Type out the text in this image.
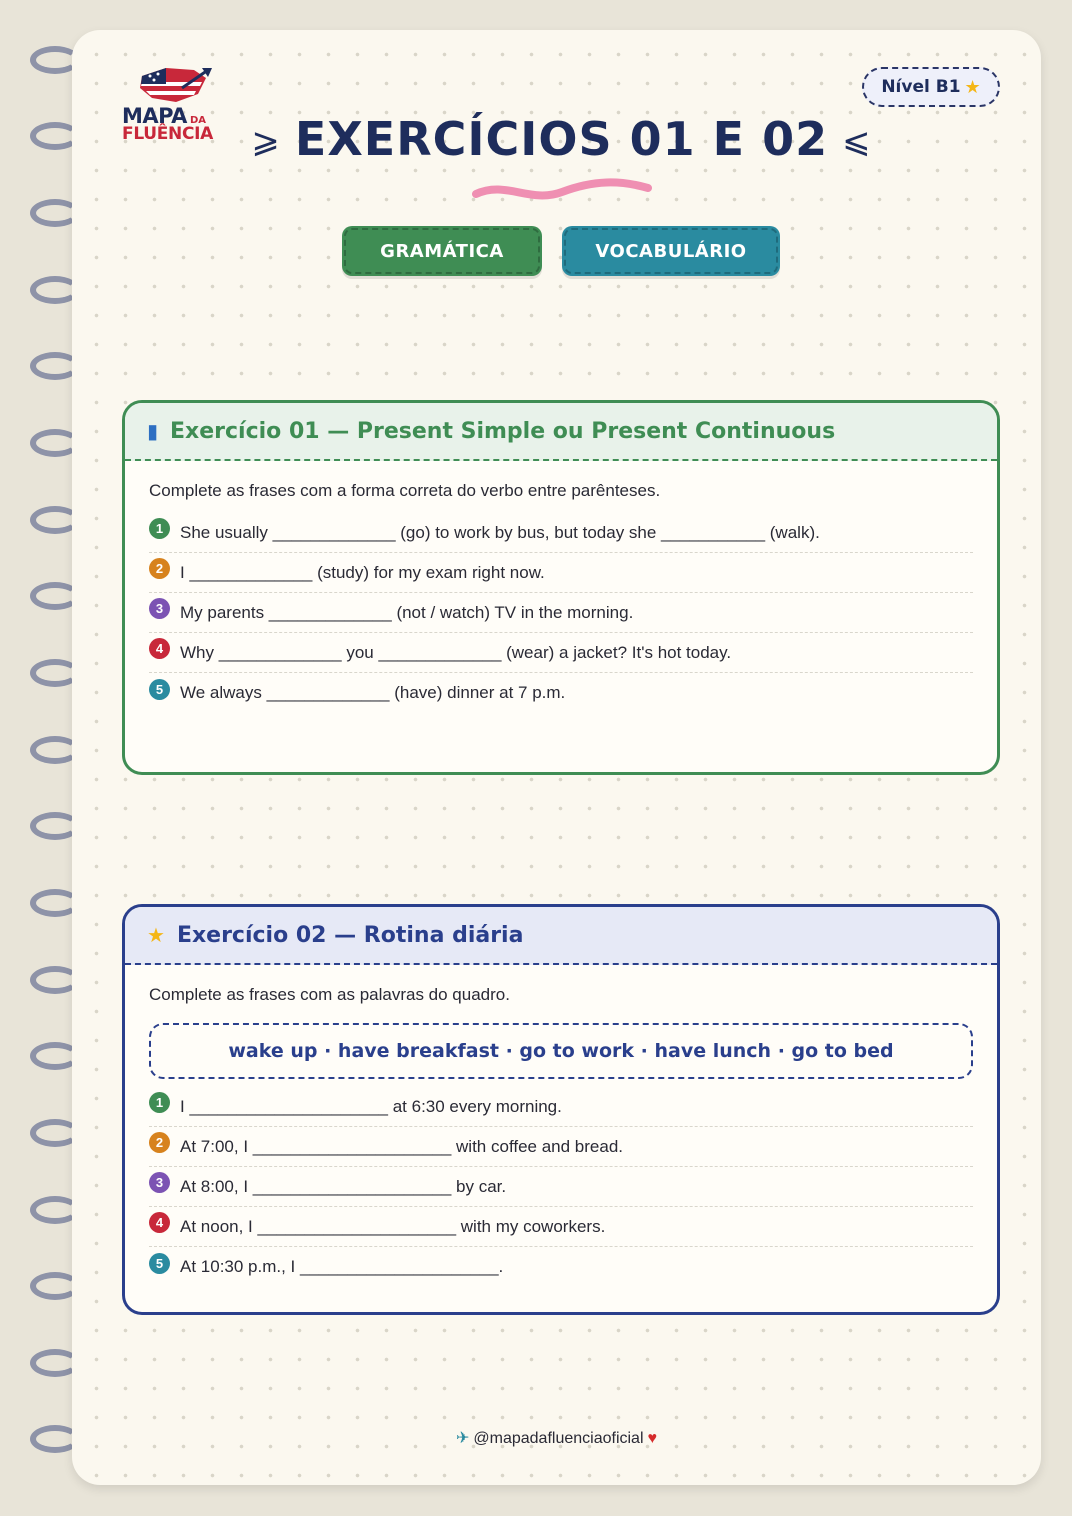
MAPA DA
FLUÊNCIA
Nível B1 ★
⩾ EXERCÍCIOS 01 E 02 ⩽
GRAMÁTICA	VOCABULÁRIO
▮ Exercício 01 — Present Simple ou Present Continuous
Complete as frases com a forma correta do verbo entre parênteses.
1 She usually _____________ (go) to work by bus, but today she ___________ (walk).
2 I _____________ (study) for my exam right now.
3 My parents _____________ (not / watch) TV in the morning.
4 Why _____________ you _____________ (wear) a jacket? It's hot today.
5 We always _____________ (have) dinner at 7 p.m.
★ Exercício 02 — Rotina diária
Complete as frases com as palavras do quadro.
wake up · have breakfast · go to work · have lunch · go to bed
1 I _____________________ at 6:30 every morning.
2 At 7:00, I _____________________ with coffee and bread.
3 At 8:00, I _____________________ by car.
4 At noon, I _____________________ with my coworkers.
5 At 10:30 p.m., I _____________________.
✈ @mapadafluenciaoficial ♥
